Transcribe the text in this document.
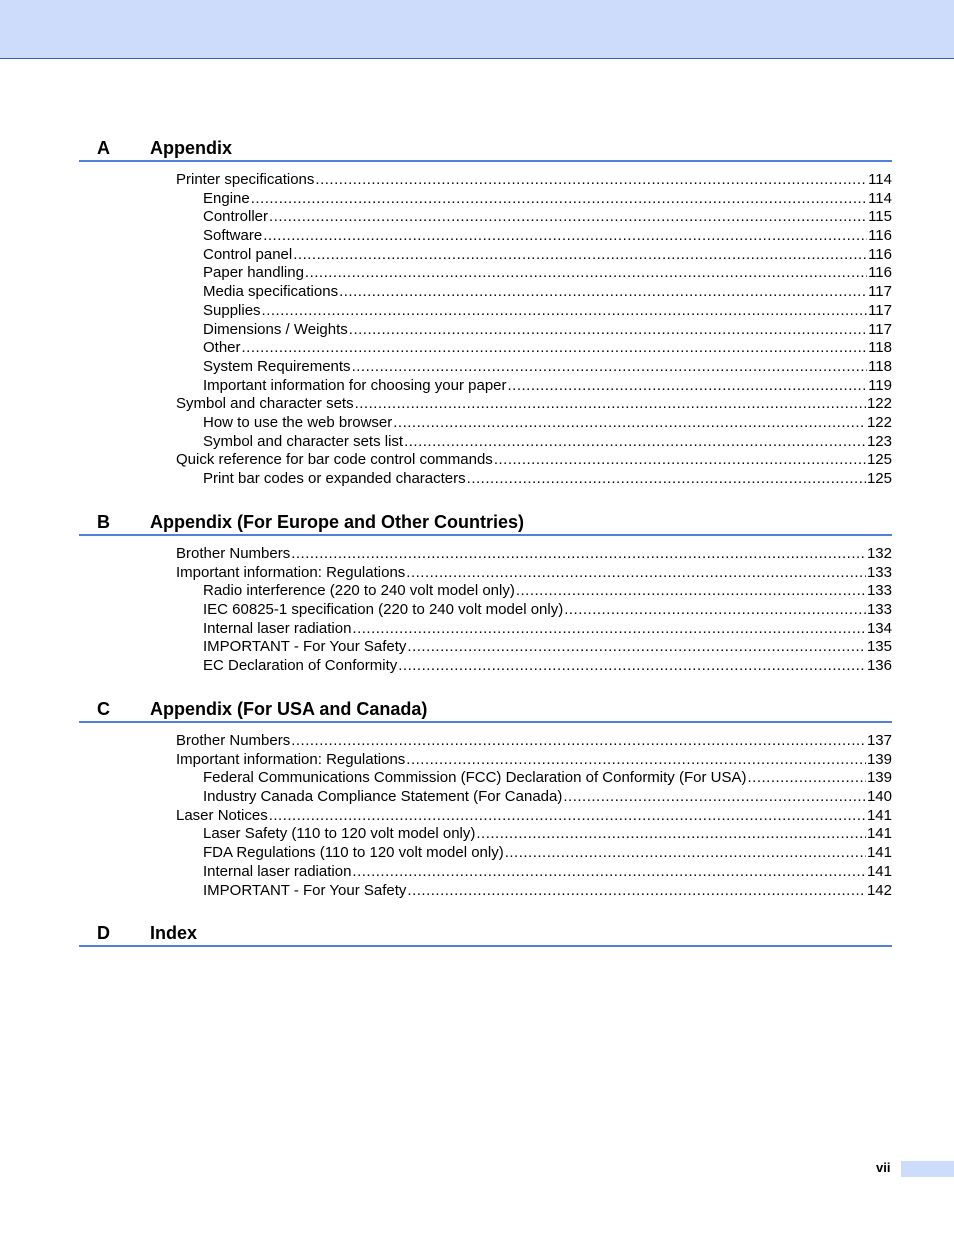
A Appendix
Printer specifications .....	114
Engine .....	114
Controller .....	115
Software .....	116
Control panel .....	116
Paper handling .....	116
Media specifications .....	117
Supplies .....	117
Dimensions / Weights .....	117
Other .....	118
System Requirements .....	118
Important information for choosing your paper .....	119
Symbol and character sets .....	122
How to use the web browser .....	122
Symbol and character sets list .....	123
Quick reference for bar code control commands .....	125
Print bar codes or expanded characters .....	125
B Appendix (For Europe and Other Countries)
Brother Numbers .....	132
Important information: Regulations .....	133
Radio interference (220 to 240 volt model only) .....	133
IEC 60825-1 specification (220 to 240 volt model only) .....	133
Internal laser radiation .....	134
IMPORTANT - For Your Safety .....	135
EC Declaration of Conformity .....	136
C Appendix (For USA and Canada)
Brother Numbers .....	137
Important information: Regulations .....	139
Federal Communications Commission (FCC) Declaration of Conformity (For USA) .....	139
Industry Canada Compliance Statement (For Canada) .....	140
Laser Notices .....	141
Laser Safety (110 to 120 volt model only) .....	141
FDA Regulations (110 to 120 volt model only) .....	141
Internal laser radiation .....	141
IMPORTANT - For Your Safety .....	142
D Index
vii
